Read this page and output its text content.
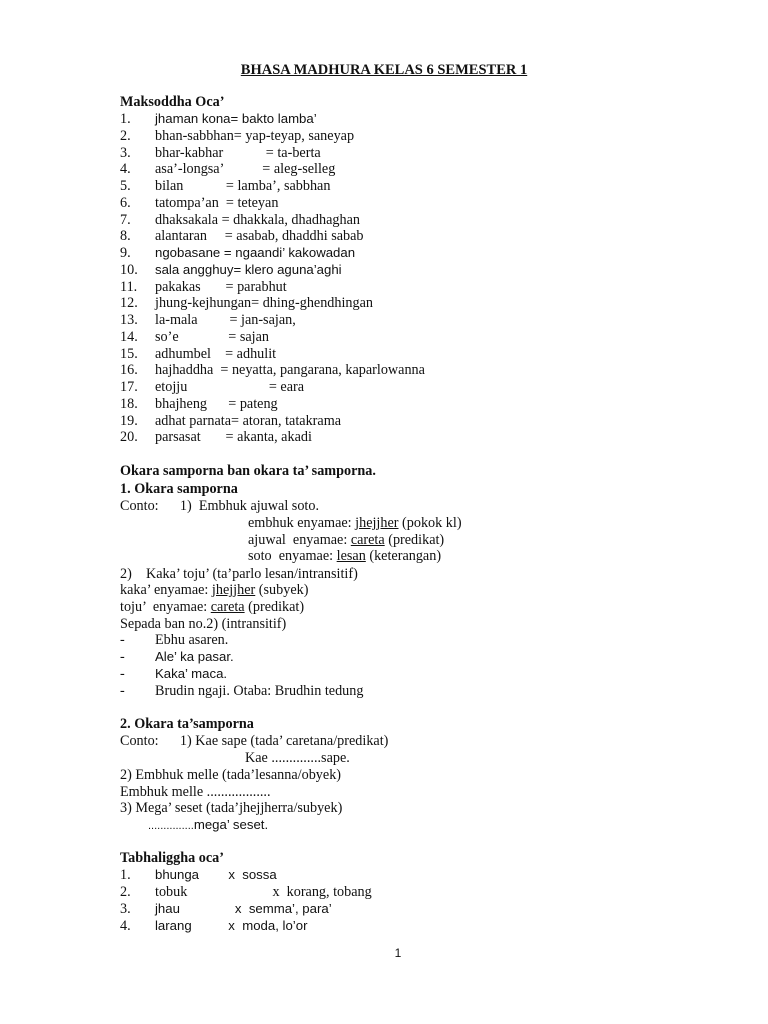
BHASA MADHURA KELAS 6 SEMESTER 1
Maksoddha Oca’
1. jhaman kona= bakto lamba’
2. bhan-sabbhan= yap-teyap, saneyap
3. bhar-kabhar            = ta-berta
4. asa’-longsa’           = aleg-selleg
5. bilan            = lamba’, sabbhan
6. tatompa’an  = teteyan
7. dhaksakala = dhakkala, dhadhaghan
8. alantaran     = asabab, dhaddhi sabab
9. ngobasane = ngaandi’ kakowadan
10. sala angghuy= klero aguna’aghi
11. pakakas       = parabhut
12. jhung-kejhungan= dhing-ghendhingan
13. la-mala         = jan-sajan,
14. so’e              = sajan
15. adhumbel    = adhulit
16. hajhaddha  = neyatta, pangarana, kaparlowanna
17. etojju                       = eara
18. bhajheng      = pateng
19. adhat parnata= atoran, tatakrama
20. parsasat       = akanta, akadi
Okara samporna ban okara ta’ samporna.
1. Okara samporna
Conto:      1)  Embhuk ajuwal soto.
embhuk enyamae: jhejjher (pokok kl)
ajuwal  enyamae: careta (predikat)
soto  enyamae: lesan (keterangan)
2)    Kaka’ toju’ (ta’parlo lesan/intransitif)
kaka’ enyamae: jhejjher (subyek)
toju’  enyamae: careta (predikat)
Sepada ban no.2) (intransitif)
- Ebhu asaren.
- Ale’ ka pasar.
- Kaka’ maca.
- Brudin ngaji. Otaba: Brudhin tedung
2. Okara ta’samporna
Conto:      1) Kae sape (tada’ caretana/predikat)
Kae ..............sape.
2) Embhuk melle (tada’lesanna/obyek)
Embhuk melle ..................
3) Mega’ seset (tada’jhejjherra/subyek)
...............mega’ seset.
Tabhaliggha oca’
1. bhunga        x  sossa
2. tobuk                        x  korang, tobang
3. jhau               x  semma’, para’
4. larang          x  moda, lo’or
1
